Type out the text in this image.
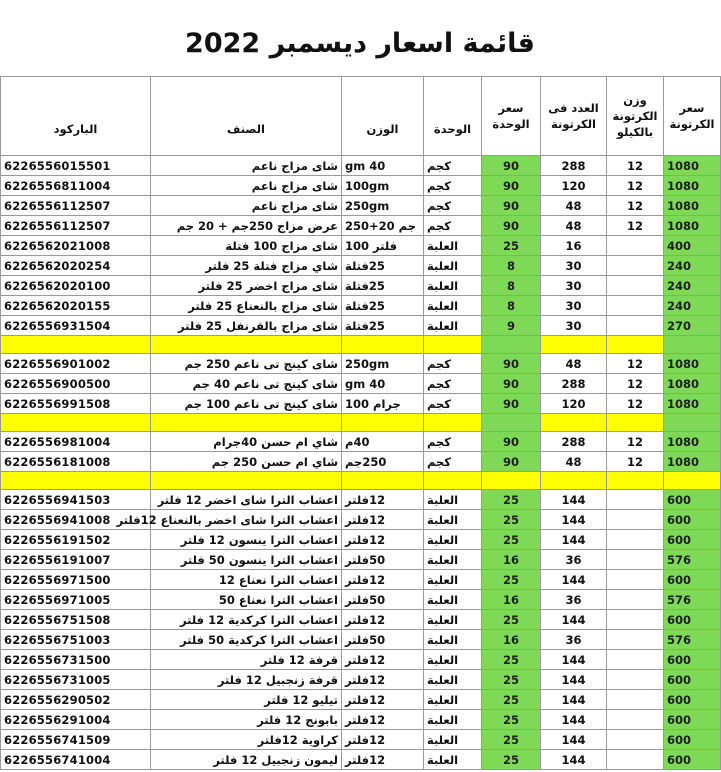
قائمة اسعار ديسمبر 2022
سعر الكرتونة	وزن الكرتونة بالكيلو	العدد فى الكرتونة	سعر الوحدة	الوحدة	الوزن	الصنف	الباركود
1080	12	288	90	كجم	40 gm	شاى مزاج ناعم	6226556015501
1080	12	120	90	كجم	100gm	شاى مزاج ناعم	6226556811004
1080	12	48	90	كجم	250gm	شاى مزاج ناعم	6226556112507
1080	12	48	90	كجم	جم 20+250	عرض مزاج 250جم + 20 جم	6226556112507
400		16	25	العلبة	فلتر 100	شاى مزاج 100 فتلة	6226562021008
240		30	8	العلبة	25فتلة	شاي مزاج فتلة 25 فلتر	6226562020254
240		30	8	العلبة	25فتلة	شاى مزاج اخضر 25 فلتر	6226562020100
240		30	8	العلبة	25فتلة	شاى مزاج بالنعناع 25 فلتر	6226562020155
270		30	9	العلبة	25فتلة	شاى مزاج بالقرنفل 25 فلتر	6226556931504

1080	12	48	90	كجم	250gm	شاى كينج تى ناعم 250 جم	6226556901002
1080	12	288	90	كجم	40 gm	شاى كينج تى ناعم 40 جم	6226556900500
1080	12	120	90	كجم	جرام 100	شاى كينج تى ناعم 100 جم	6226556991508

1080	12	288	90	كجم	40م	شاي ام حسن 40جرام	6226556981004
1080	12	48	90	كجم	250جم	شاي ام حسن 250 جم	6226556181008

600		144	25	العلبة	12فلتر	اعشاب الترا شاى اخضر 12 فلتر	6226556941503
600		144	25	العلبة	12فلتر	اعشاب الترا شاى اخضر بالنعناع 12فلتر	6226556941008
600		144	25	العلبة	12فلتر	اعشاب الترا ينسون 12 فلتر	6226556191502
576		36	16	العلبة	50فلتر	اعشاب الترا ينسون 50 فلتر	6226556191007
600		144	25	العلبة	12فلتر	اعشاب الترا نعناع 12	6226556971500
576		36	16	العلبة	50فلتر	اعشاب الترا نعناع 50	6226556971005
600		144	25	العلبة	12فلتر	اعشاب الترا كركدية 12 فلتر	6226556751508
576		36	16	العلبة	50فلتر	اعشاب الترا كركدية 50 فلتر	6226556751003
600		144	25	العلبة	12فلتر	قرفة 12 فلتر	6226556731500
600		144	25	العلبة	12فلتر	قرفة زنجبيل 12 فلتر	6226556731005
600		144	25	العلبة	12فلتر	تيليو 12 فلتر	6226556290502
600		144	25	العلبة	12فلتر	بابونج 12 فلتر	6226556291004
600		144	25	العلبة	12فلتر	كراوية 12فلتر	6226556741509
600		144	25	العلبة	12فلتر	ليمون زنجبيل 12 فلتر	6226556741004
